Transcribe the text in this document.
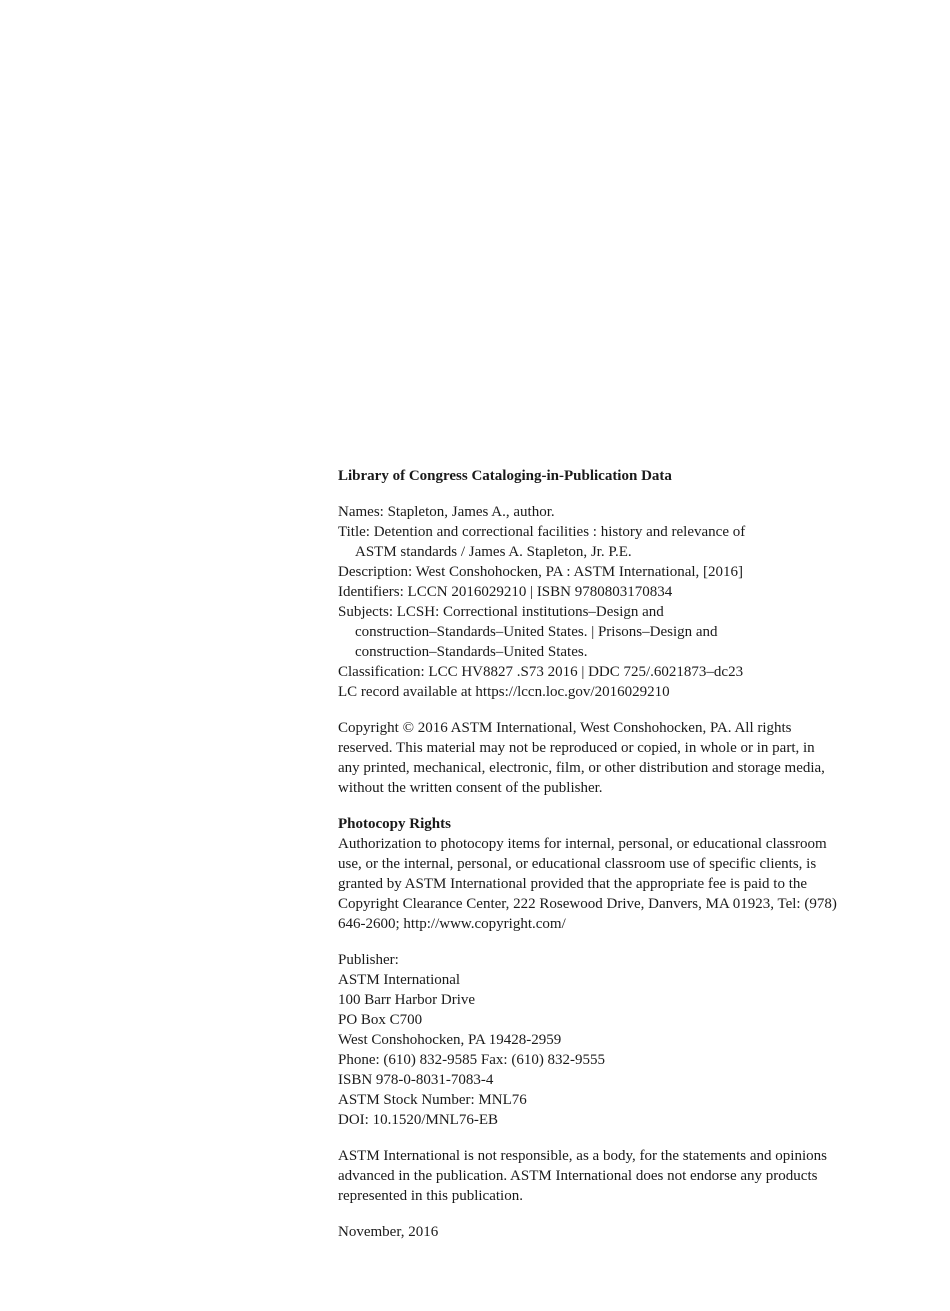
Library of Congress Cataloging-in-Publication Data
Names: Stapleton, James A., author.
Title: Detention and correctional facilities : history and relevance of
ASTM standards / James A. Stapleton, Jr. P.E.
Description: West Conshohocken, PA : ASTM International, [2016]
Identifiers: LCCN 2016029210 | ISBN 9780803170834
Subjects: LCSH: Correctional institutions–Design and
construction–Standards–United States. | Prisons–Design and
construction–Standards–United States.
Classification: LCC HV8827 .S73 2016 | DDC 725/.6021873–dc23
LC record available at https://lccn.loc.gov/2016029210
Copyright © 2016 ASTM International, West Conshohocken, PA. All rights
reserved. This material may not be reproduced or copied, in whole or in part, in
any printed, mechanical, electronic, film, or other distribution and storage media,
without the written consent of the publisher.
Photocopy Rights
Authorization to photocopy items for internal, personal, or educational classroom
use, or the internal, personal, or educational classroom use of specific clients, is
granted by ASTM International provided that the appropriate fee is paid to the
Copyright Clearance Center, 222 Rosewood Drive, Danvers, MA 01923, Tel: (978)
646-2600; http://www.copyright.com/
Publisher:
ASTM International
100 Barr Harbor Drive
PO Box C700
West Conshohocken, PA 19428-2959
Phone: (610) 832-9585 Fax: (610) 832-9555
ISBN 978-0-8031-7083-4
ASTM Stock Number: MNL76
DOI: 10.1520/MNL76-EB
ASTM International is not responsible, as a body, for the statements and opinions
advanced in the publication. ASTM International does not endorse any products
represented in this publication.
November, 2016
